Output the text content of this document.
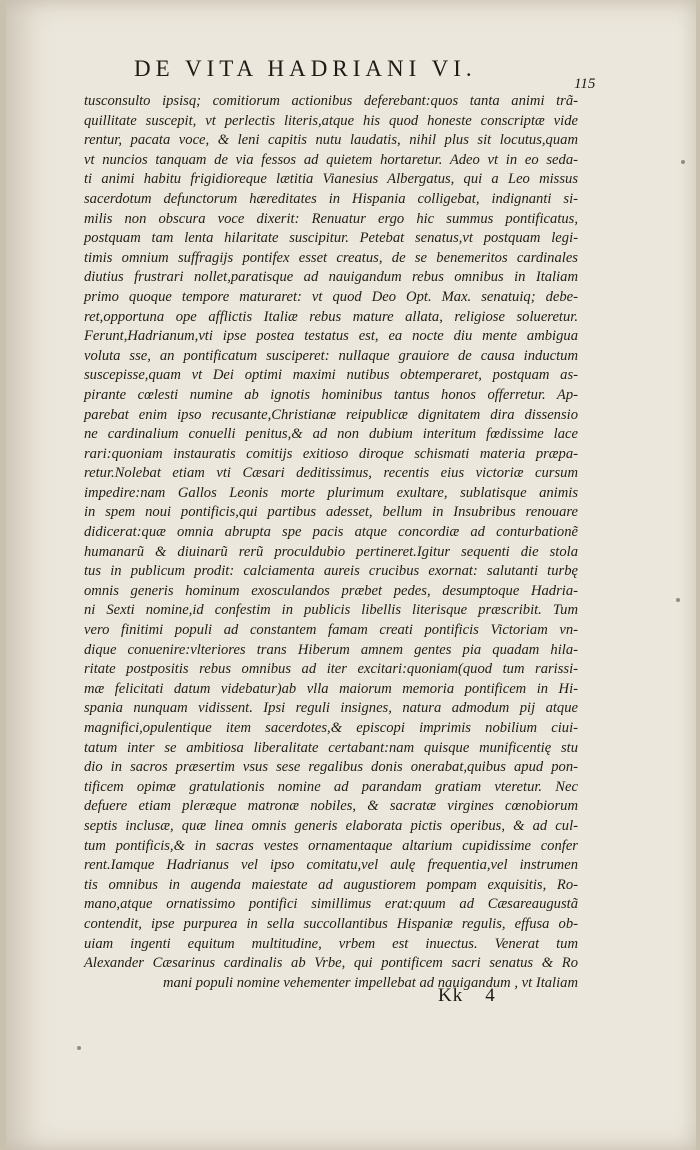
DE VITA HADRIANI VI.
115
tusconsulto ipsisq; comitiorum actionibus deferebant:quos tanta animi trã-
quillitate suscepit, vt perlectis literis,atque his quod honeste conscriptæ vide
rentur, pacata voce, & leni capitis nutu laudatis, nihil plus sit locutus,quam
vt nuncios tanquam de via fessos ad quietem hortaretur. Adeo vt in eo seda-
ti animi habitu frigidioreque lætitia Vianesius Albergatus, qui a Leo missus
sacerdotum defunctorum hæreditates in Hispania colligebat, indignanti si-
milis non obscura voce dixerit: Renuatur ergo hic summus pontificatus,
postquam tam lenta hilaritate suscipitur. Petebat senatus,vt postquam legi-
timis omnium suffragijs pontifex esset creatus, de se benemeritos cardinales
diutius frustrari nollet,paratisque ad nauigandum rebus omnibus in Italiam
primo quoque tempore maturaret: vt quod Deo Opt. Max. senatuiq; debe-
ret,opportuna ope afflictis Italiæ rebus mature allata, religiose solueretur.
Ferunt,Hadrianum,vti ipse postea testatus est, ea nocte diu mente ambigua
voluta sse, an pontificatum susciperet: nullaque grauiore de causa inductum
suscepisse,quam vt Dei optimi maximi nutibus obtemperaret, postquam as-
pirante cœlesti numine ab ignotis hominibus tantus honos offerretur. Ap-
parebat enim ipso recusante,Christianæ reipublicæ dignitatem dira dissensio
ne cardinalium conuelli penitus,& ad non dubium interitum fœdissime lace
rari:quoniam instauratis comitijs exitioso diroque schismati materia præpa-
retur.Nolebat etiam vti Cæsari deditissimus, recentis eius victoriæ cursum
impedire:nam Gallos Leonis morte plurimum exultare, sublatisque animis
in spem noui pontificis,qui partibus adesset, bellum in Insubribus renouare
didicerat:quæ omnia abrupta spe pacis atque concordiæ ad conturbationẽ
humanarũ & diuinarũ rerũ proculdubio pertineret.Igitur sequenti die stola
tus in publicum prodit: calciamenta aureis crucibus exornat: salutanti turbę
omnis generis hominum exosculandos præbet pedes, desumptoque Hadria-
ni Sexti nomine,id confestim in publicis libellis literisque præscribit. Tum
vero finitimi populi ad constantem famam creati pontificis Victoriam vn-
dique conuenire:vlteriores trans Hiberum amnem gentes pia quadam hila-
ritate postpositis rebus omnibus ad iter excitari:quoniam(quod tum rarissi-
mæ felicitati datum videbatur)ab vlla maiorum memoria pontificem in Hi-
spania nunquam vidissent. Ipsi reguli insignes, natura admodum pij atque
magnifici,opulentique item sacerdotes,& episcopi imprimis nobilium ciui-
tatum inter se ambitiosa liberalitate certabant:nam quisque munificentię stu
dio in sacros præsertim vsus sese regalibus donis onerabat,quibus apud pon-
tificem opimæ gratulationis nomine ad parandam gratiam vteretur. Nec
defuere etiam pleræque matronæ nobiles, & sacratæ virgines cœnobiorum
septis inclusæ, quæ linea omnis generis elaborata pictis operibus, & ad cul-
tum pontificis,& in sacras vestes ornamentaque altarium cupidissime confer
rent.Iamque Hadrianus vel ipso comitatu,vel aulę frequentia,vel instrumen
tis omnibus in augenda maiestate ad augustiorem pompam exquisitis, Ro-
mano,atque ornatissimo pontifici simillimus erat:quum ad Cæsareaugustã
contendit, ipse purpurea in sella succollantibus Hispaniæ regulis, effusa ob-
uiam ingenti equitum multitudine, vrbem est inuectus. Venerat tum
Alexander Cæsarinus cardinalis ab Vrbe, qui pontificem sacri senatus & Ro
mani populi nomine vehementer impellebat ad nauigandum , vt Italiam
Kk 4
